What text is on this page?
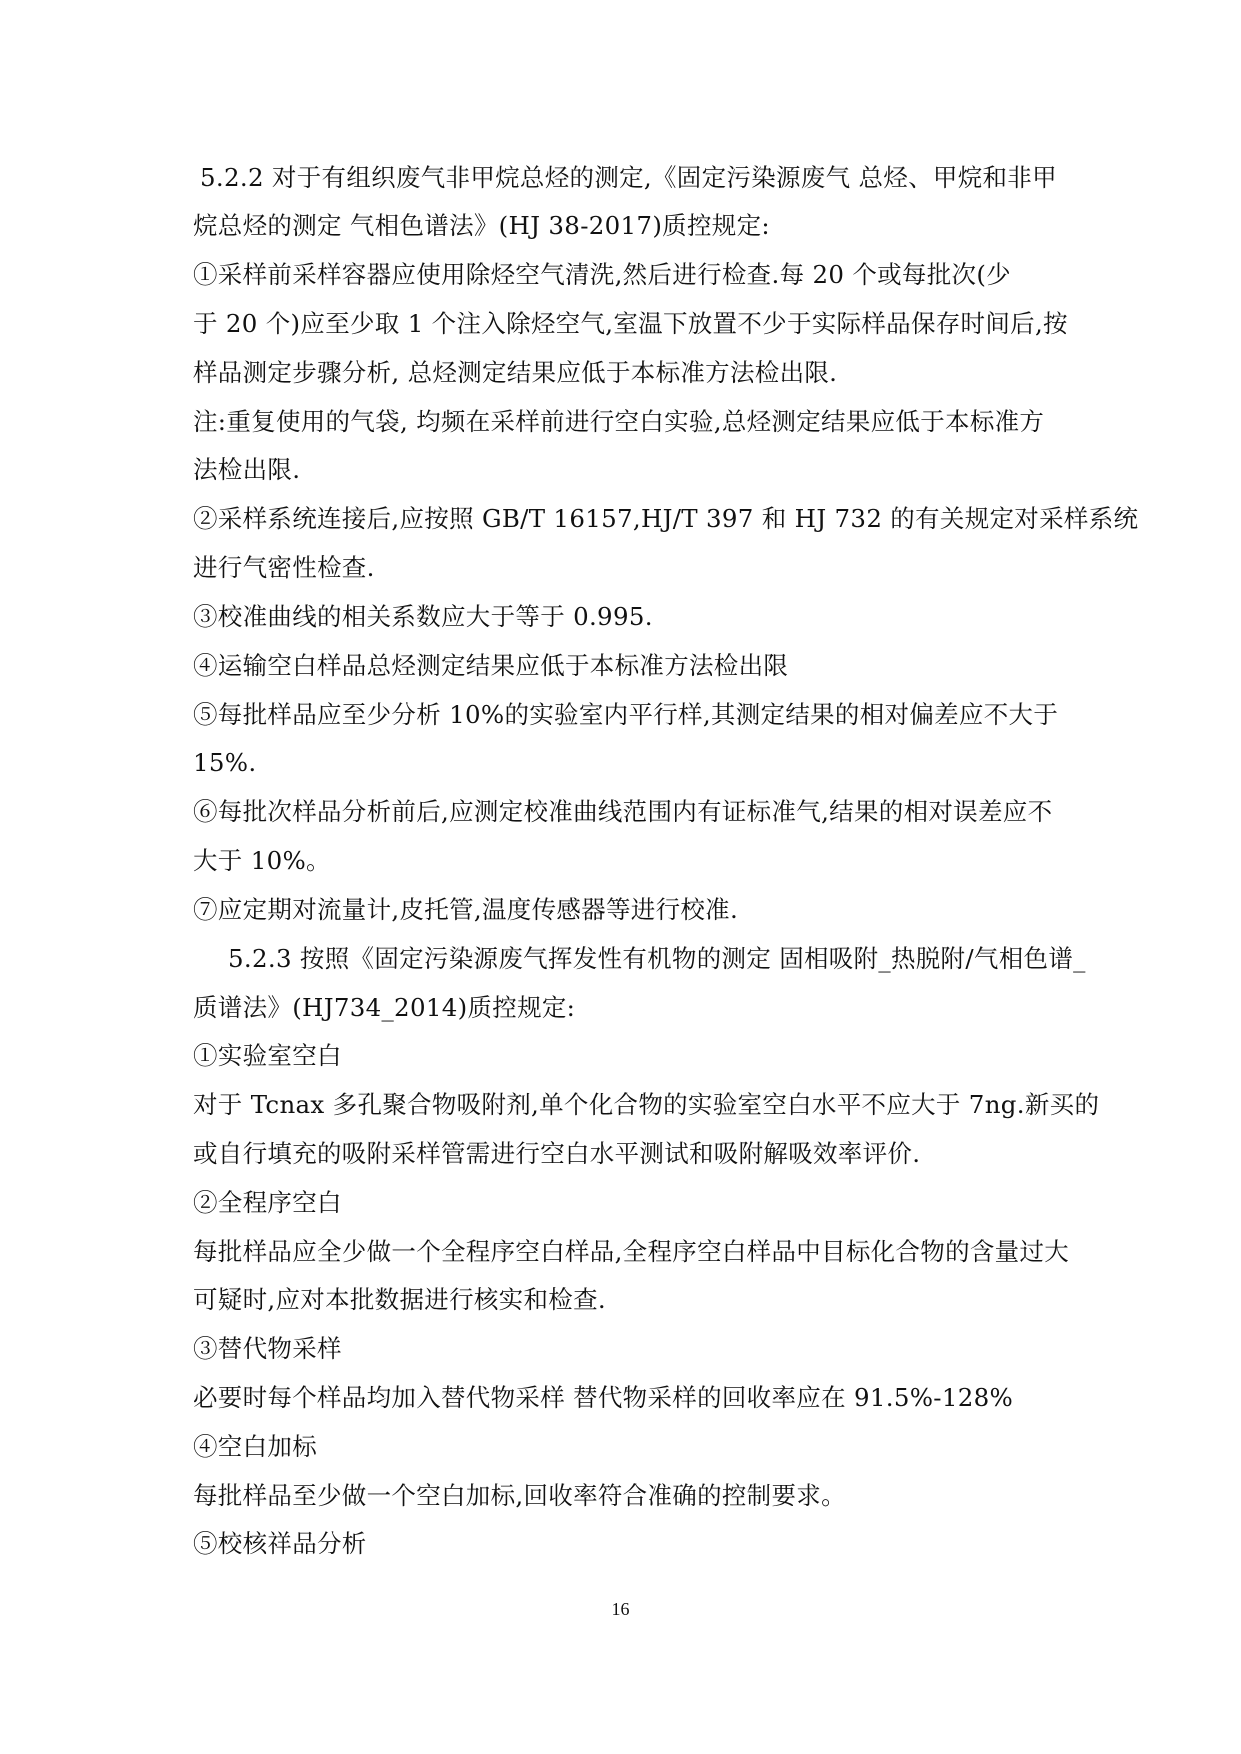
5.2.2 对于有组织废气非甲烷总烃的测定,《固定污染源废气 总烃、甲烷和非甲
烷总烃的测定 气相色谱法》(HJ 38-2017)质控规定:
①采样前采样容器应使用除烃空气清洗,然后进行检查.每 20 个或每批次(少
于 20 个)应至少取 1 个注入除烃空气,室温下放置不少于实际样品保存时间后,按
样品测定步骤分析, 总烃测定结果应低于本标准方法检出限.
注:重复使用的气袋, 均频在采样前进行空白实验,总烃测定结果应低于本标准方
法检出限.
②采样系统连接后,应按照 GB/T 16157,HJ/T 397 和 HJ 732 的有关规定对采样系统
进行气密性检查.
③校准曲线的相关系数应大于等于 0.995.
④运输空白样品总烃测定结果应低于本标准方法检出限
⑤每批样品应至少分析 10%的实验室内平行样,其测定结果的相对偏差应不大于
15%.
⑥每批次样品分析前后,应测定校准曲线范围内有证标准气,结果的相对误差应不
大于 10%。
⑦应定期对流量计,皮托管,温度传感器等进行校准.
5.2.3 按照《固定污染源废气挥发性有机物的测定 固相吸附_热脱附/气相色谱_
质谱法》(HJ734_2014)质控规定:
①实验室空白
对于 Tcnax 多孔聚合物吸附剂,单个化合物的实验室空白水平不应大于 7ng.新买的
或自行填充的吸附采样管需进行空白水平测试和吸附解吸效率评价.
②全程序空白
每批样品应全少做一个全程序空白样品,全程序空白样品中目标化合物的含量过大
可疑时,应对本批数据进行核实和检查.
③替代物采样
必要时每个样品均加入替代物采样 替代物采样的回收率应在 91.5%-128%
④空白加标
每批样品至少做一个空白加标,回收率符合准确的控制要求。
⑤校核祥品分析
16
